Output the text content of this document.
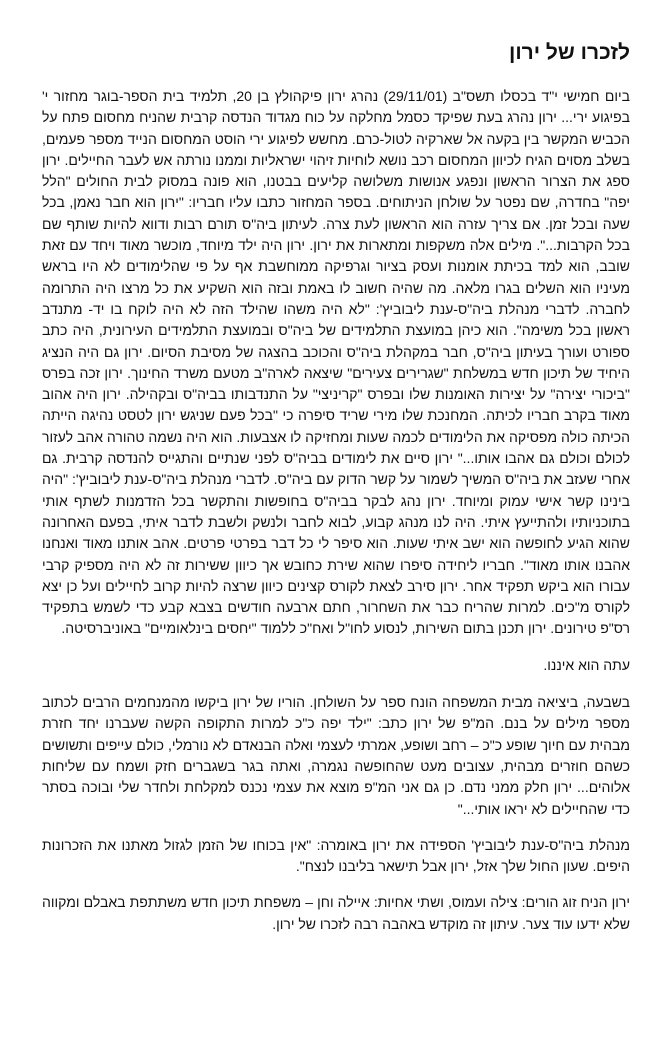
לזכרו של ירון

ביום חמישי י"ד בכסלו תשס"ב (29/11/01) נהרג ירון פיקהולץ בן 20, תלמיד בית הספר-בוגר מחזור י' בפיגוע ירי... ירון נהרג בעת שפיקד כסמל מחלקה על כוח מגדוד הנדסה קרבית שהניח מחסום פתח על הכביש המקשר בין בקעה אל שארקיה לטול-כרם. מחשש לפיגוע ירי הוסט המחסום הנייד מספר פעמים, בשלב מסוים הגיח לכיוון המחסום רכב נושא לוחיות זיהוי ישראליות וממנו נורתה אש לעבר החיילים. ירון ספג את הצרור הראשון ונפגע אנושות משלושה קליעים בבטנו, הוא פונה במסוק לבית החולים "הלל יפה" בחדרה, שם נפטר על שולחן הניתוחים. בספר המחזור כתבו עליו חבריו: "ירון הוא חבר נאמן, בכל שעה ובכל זמן. אם צריך עזרה הוא הראשון לעת צרה. לעיתון ביה"ס תורם רבות ודווא להיות שותף שם בכל הקרבות...". מילים אלה משקפות ומתארות את ירון. ירון היה ילד מיוחד, מוכשר מאוד ויחד עם זאת שובב, הוא למד בכיתת אומנות ועסק בציור וגרפיקה ממוחשבת אף על פי שהלימודים לא היו בראש מעיניו הוא השלים בגרו מלאה. מה שהיה חשוב לו באמת ובזה הוא השקיע את כל מרצו היה התרומה לחברה. לדברי מנהלת ביה"ס-ענת ליבוביץ': "לא היה משהו שהילד הזה לא היה לוקח בו יד- מתנדב ראשון בכל משימה". הוא כיהן במועצת התלמידים של ביה"ס ובמועצת התלמידים העירונית, היה כתב ספורט ועורך בעיתון ביה"ס, חבר במקהלת ביה"ס והכוכב בהצגה של מסיבת הסיום. ירון גם היה הנציג היחיד של תיכון חדש במשלחת "שגרירים צעירים" שיצאה לארה"ב מטעם משרד החינוך. ירון זכה בפרס "ביכורי יצירה" על יצירות האומנות שלו ובפרס "קריניצי" על התנדבותו בביה"ס ובקהילה. ירון היה אהוב מאוד בקרב חבריו לכיתה. המחנכת שלו מירי שריד סיפרה כי "בכל פעם שניגש ירון לטסט נהיגה הייתה הכיתה כולה מפסיקה את הלימודים לכמה שעות ומחזיקה לו אצבעות. הוא היה נשמה טהורה אהב לעזור לכולם וכולם גם אהבו אותו..." ירון סיים את לימודים בביה"ס לפני שנתיים והתגייס להנדסה קרבית. גם אחרי שעזב את ביה"ס המשיך לשמור על קשר הדוק עם ביה"ס. לדברי מנהלת ביה"ס-ענת ליבוביץ': "היה בינינו קשר אישי עמוק ומיוחד. ירון נהג לבקר בביה"ס בחופשות והתקשר בכל הזדמנות לשתף אותי בתוכניותיו ולהתייעץ איתי. היה לנו מנהג קבוע, לבוא לחבר ולנשק ולשבת לדבר איתי, בפעם האחרונה שהוא הגיע לחופשה הוא ישב איתי שעות. הוא סיפר לי כל דבר בפרטי פרטים. אהב אותנו מאוד ואנחנו אהבנו אותו מאוד". חבריו ליחידה סיפרו שהוא שירת כחובש אך כיוון ששירות זה לא היה מספיק קרבי עבורו הוא ביקש תפקיד אחר. ירון סירב לצאת לקורס קצינים כיוון שרצה להיות קרוב לחיילים ועל כן יצא לקורס מ"כים. למרות שהריח כבר את השחרור, חתם ארבעה חודשים בצבא קבע כדי לשמש בתפקיד רס"פ טירונים. ירון תכנן בתום השירות, לנסוע לחו"ל ואח"כ ללמוד "יחסים בינלאומיים" באוניברסיטה.

עתה הוא איננו.

בשבעה, ביציאה מבית המשפחה הונח ספר על השולחן. הוריו של ירון ביקשו מהמנחמים הרבים לכתוב מספר מילים על בנם. המ"פ של ירון כתב: "ילד יפה כ"כ למרות התקופה הקשה שעברנו יחד חזרת מבהית עם חיוך שופע כ"כ – רחב ושופע, אמרתי לעצמי ואלה הבנאדם לא נורמלי, כולם עייפים ותשושים כשהם חוזרים מבהית, עצובים מעט שהחופשה נגמרה, ואתה בגר בשגברים חזק ושמח עם שליחות אלוהים... ירון חלק ממני נדם. כן גם אני המ"פ מוצא את עצמי נכנס למקלחת ולחדר שלי ובוכה בסתר כדי שהחיילים לא יראו אותי..."

מנהלת ביה"ס-ענת ליבוביץ' הספידה את ירון באומרה: "אין בכוחו של הזמן לגזול מאתנו את הזכרונות היפים. שעון החול שלך אזל, ירון אבל תישאר בליבנו לנצח".

ירון הניח זוג הורים: צילה ועמוס, ושתי אחיות: איילה וחן – משפחת תיכון חדש משתתפת באבלם ומקווה שלא ידעו עוד צער. עיתון זה מוקדש באהבה רבה לזכרו של ירון.
